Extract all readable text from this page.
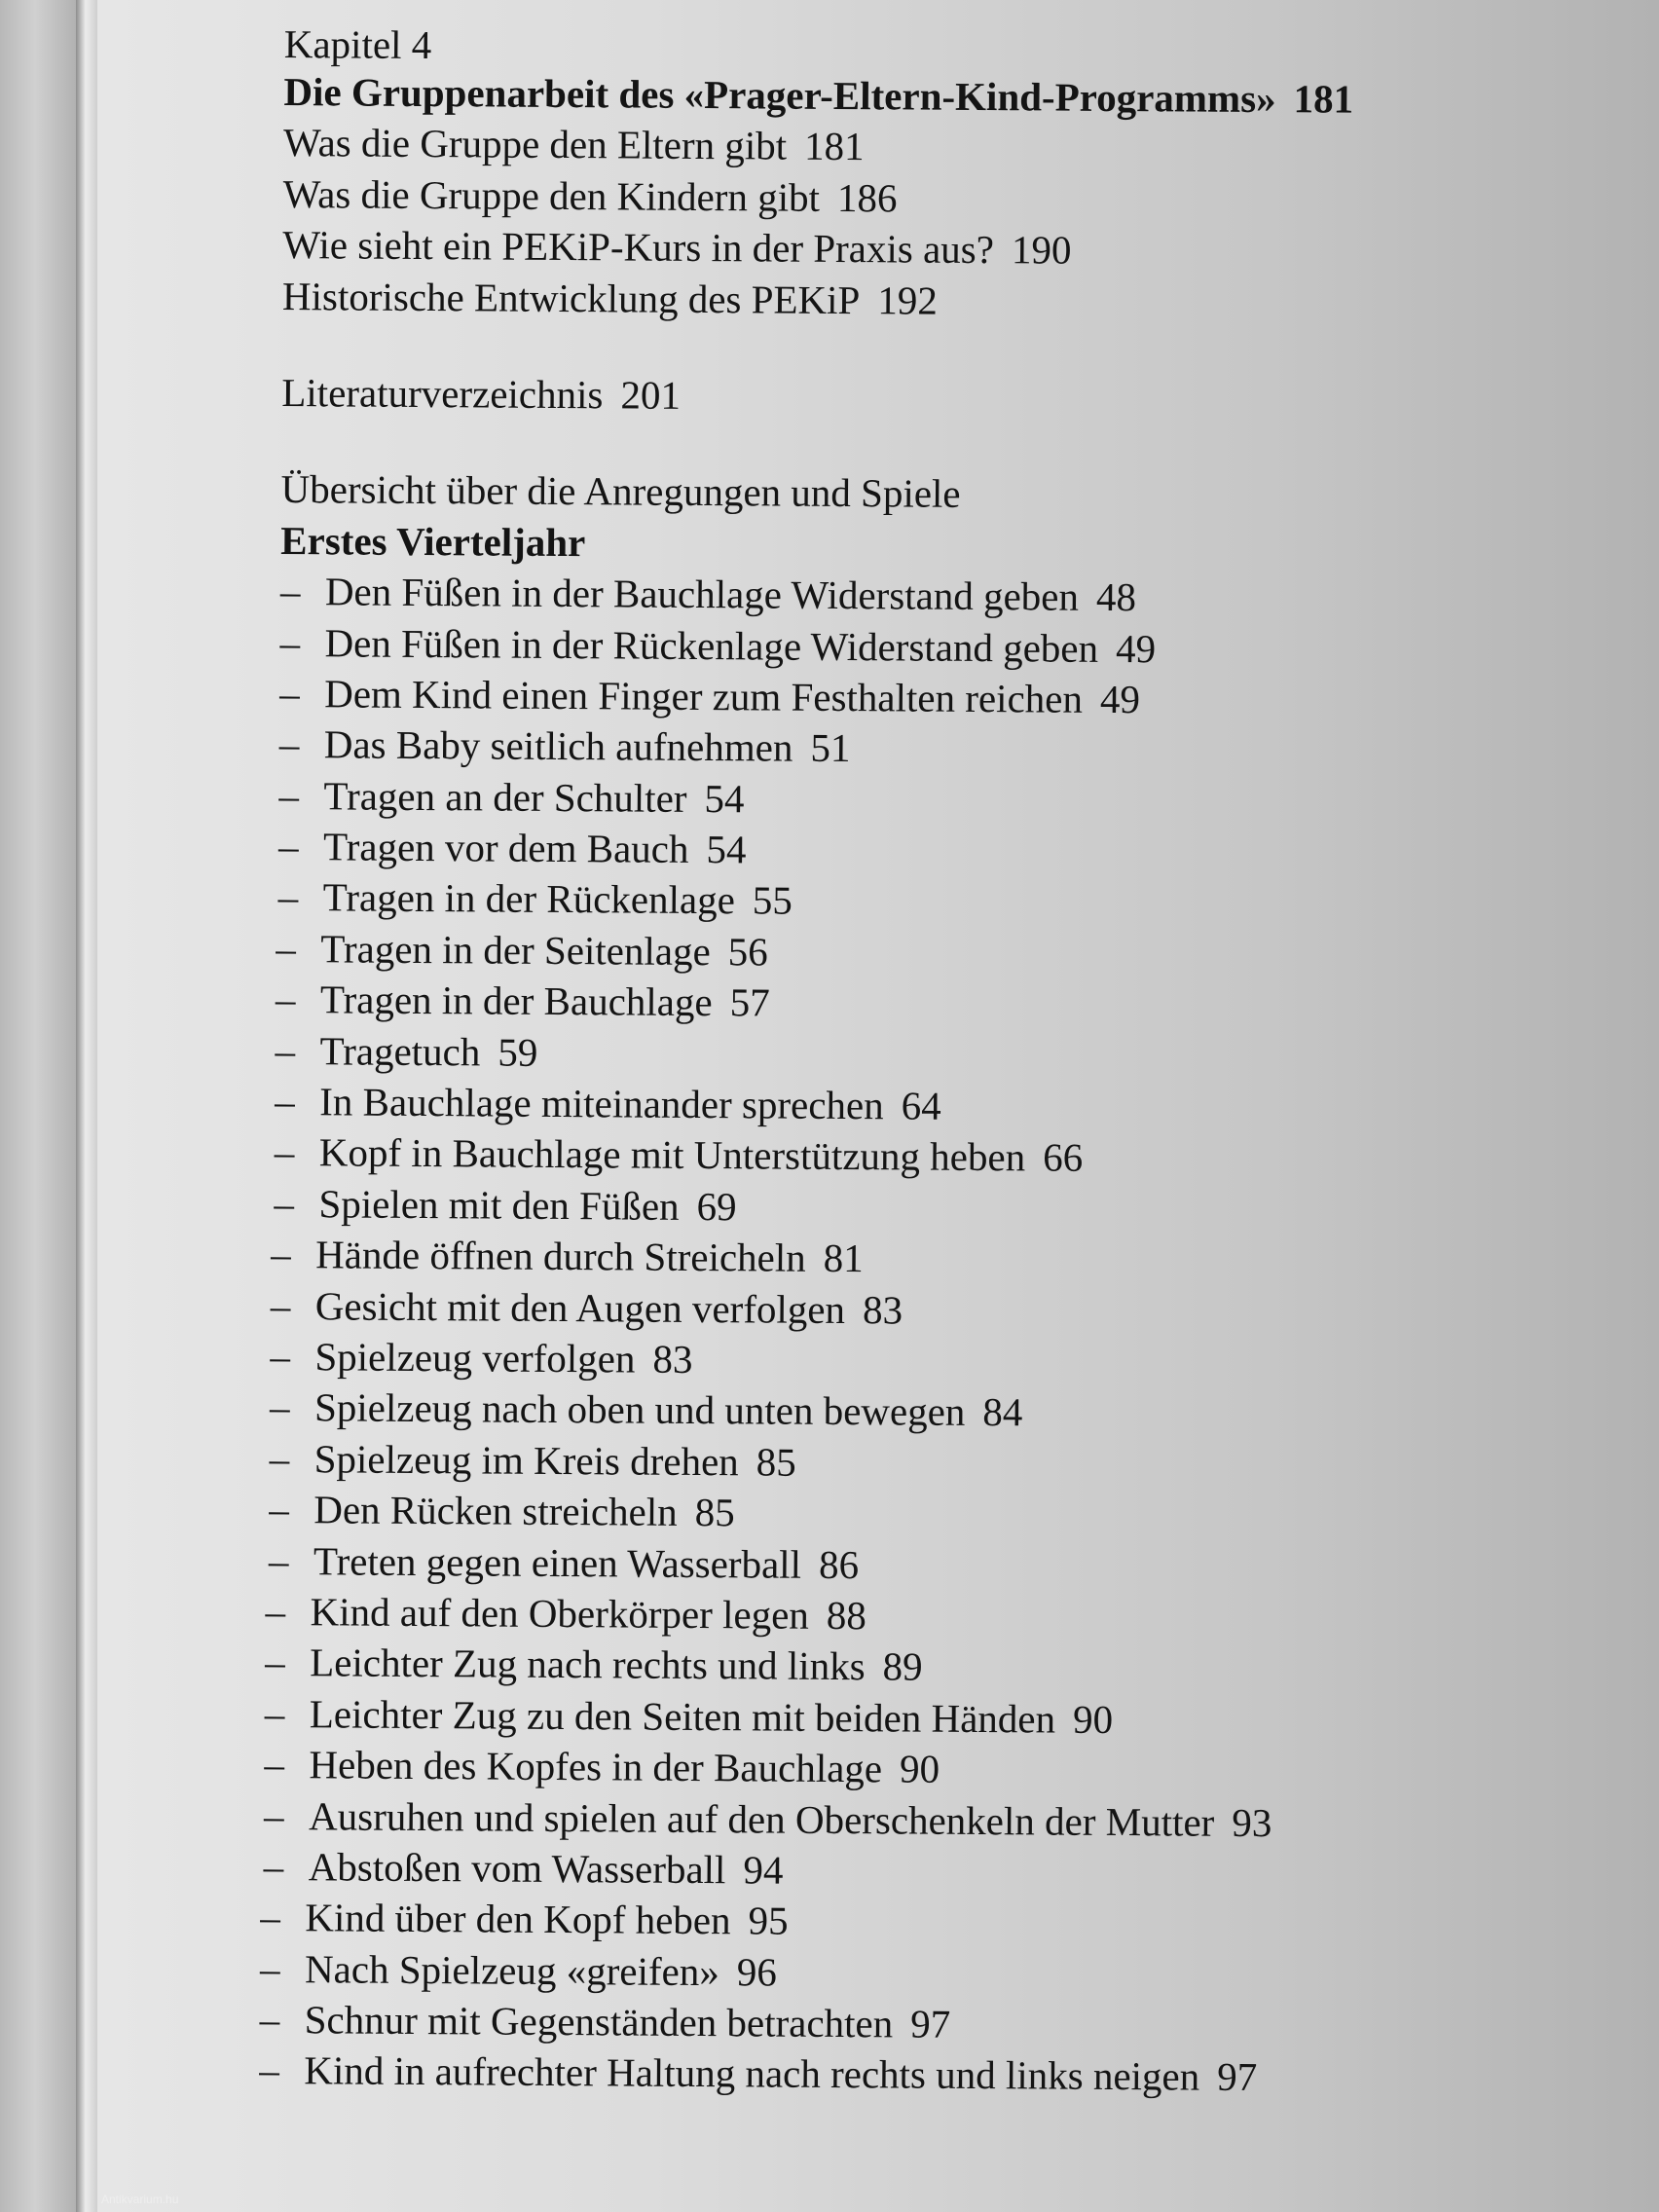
Antikvarium.hu
Kapitel 4
Die Gruppenarbeit des «Prager-Eltern-Kind-Programms» 181
Was die Gruppe den Eltern gibt 181
Was die Gruppe den Kindern gibt 186
Wie sieht ein PEKiP-Kurs in der Praxis aus? 190
Historische Entwicklung des PEKiP 192
Literaturverzeichnis 201
Übersicht über die Anregungen und Spiele
Erstes Vierteljahr
– Den Füßen in der Bauchlage Widerstand geben 48
– Den Füßen in der Rückenlage Widerstand geben 49
– Dem Kind einen Finger zum Festhalten reichen 49
– Das Baby seitlich aufnehmen 51
– Tragen an der Schulter 54
– Tragen vor dem Bauch 54
– Tragen in der Rückenlage 55
– Tragen in der Seitenlage 56
– Tragen in der Bauchlage 57
– Tragetuch 59
– In Bauchlage miteinander sprechen 64
– Kopf in Bauchlage mit Unterstützung heben 66
– Spielen mit den Füßen 69
– Hände öffnen durch Streicheln 81
– Gesicht mit den Augen verfolgen 83
– Spielzeug verfolgen 83
– Spielzeug nach oben und unten bewegen 84
– Spielzeug im Kreis drehen 85
– Den Rücken streicheln 85
– Treten gegen einen Wasserball 86
– Kind auf den Oberkörper legen 88
– Leichter Zug nach rechts und links 89
– Leichter Zug zu den Seiten mit beiden Händen 90
– Heben des Kopfes in der Bauchlage 90
– Ausruhen und spielen auf den Oberschenkeln der Mutter 93
– Abstoßen vom Wasserball 94
– Kind über den Kopf heben 95
– Nach Spielzeug «greifen» 96
– Schnur mit Gegenständen betrachten 97
– Kind in aufrechter Haltung nach rechts und links neigen 97
